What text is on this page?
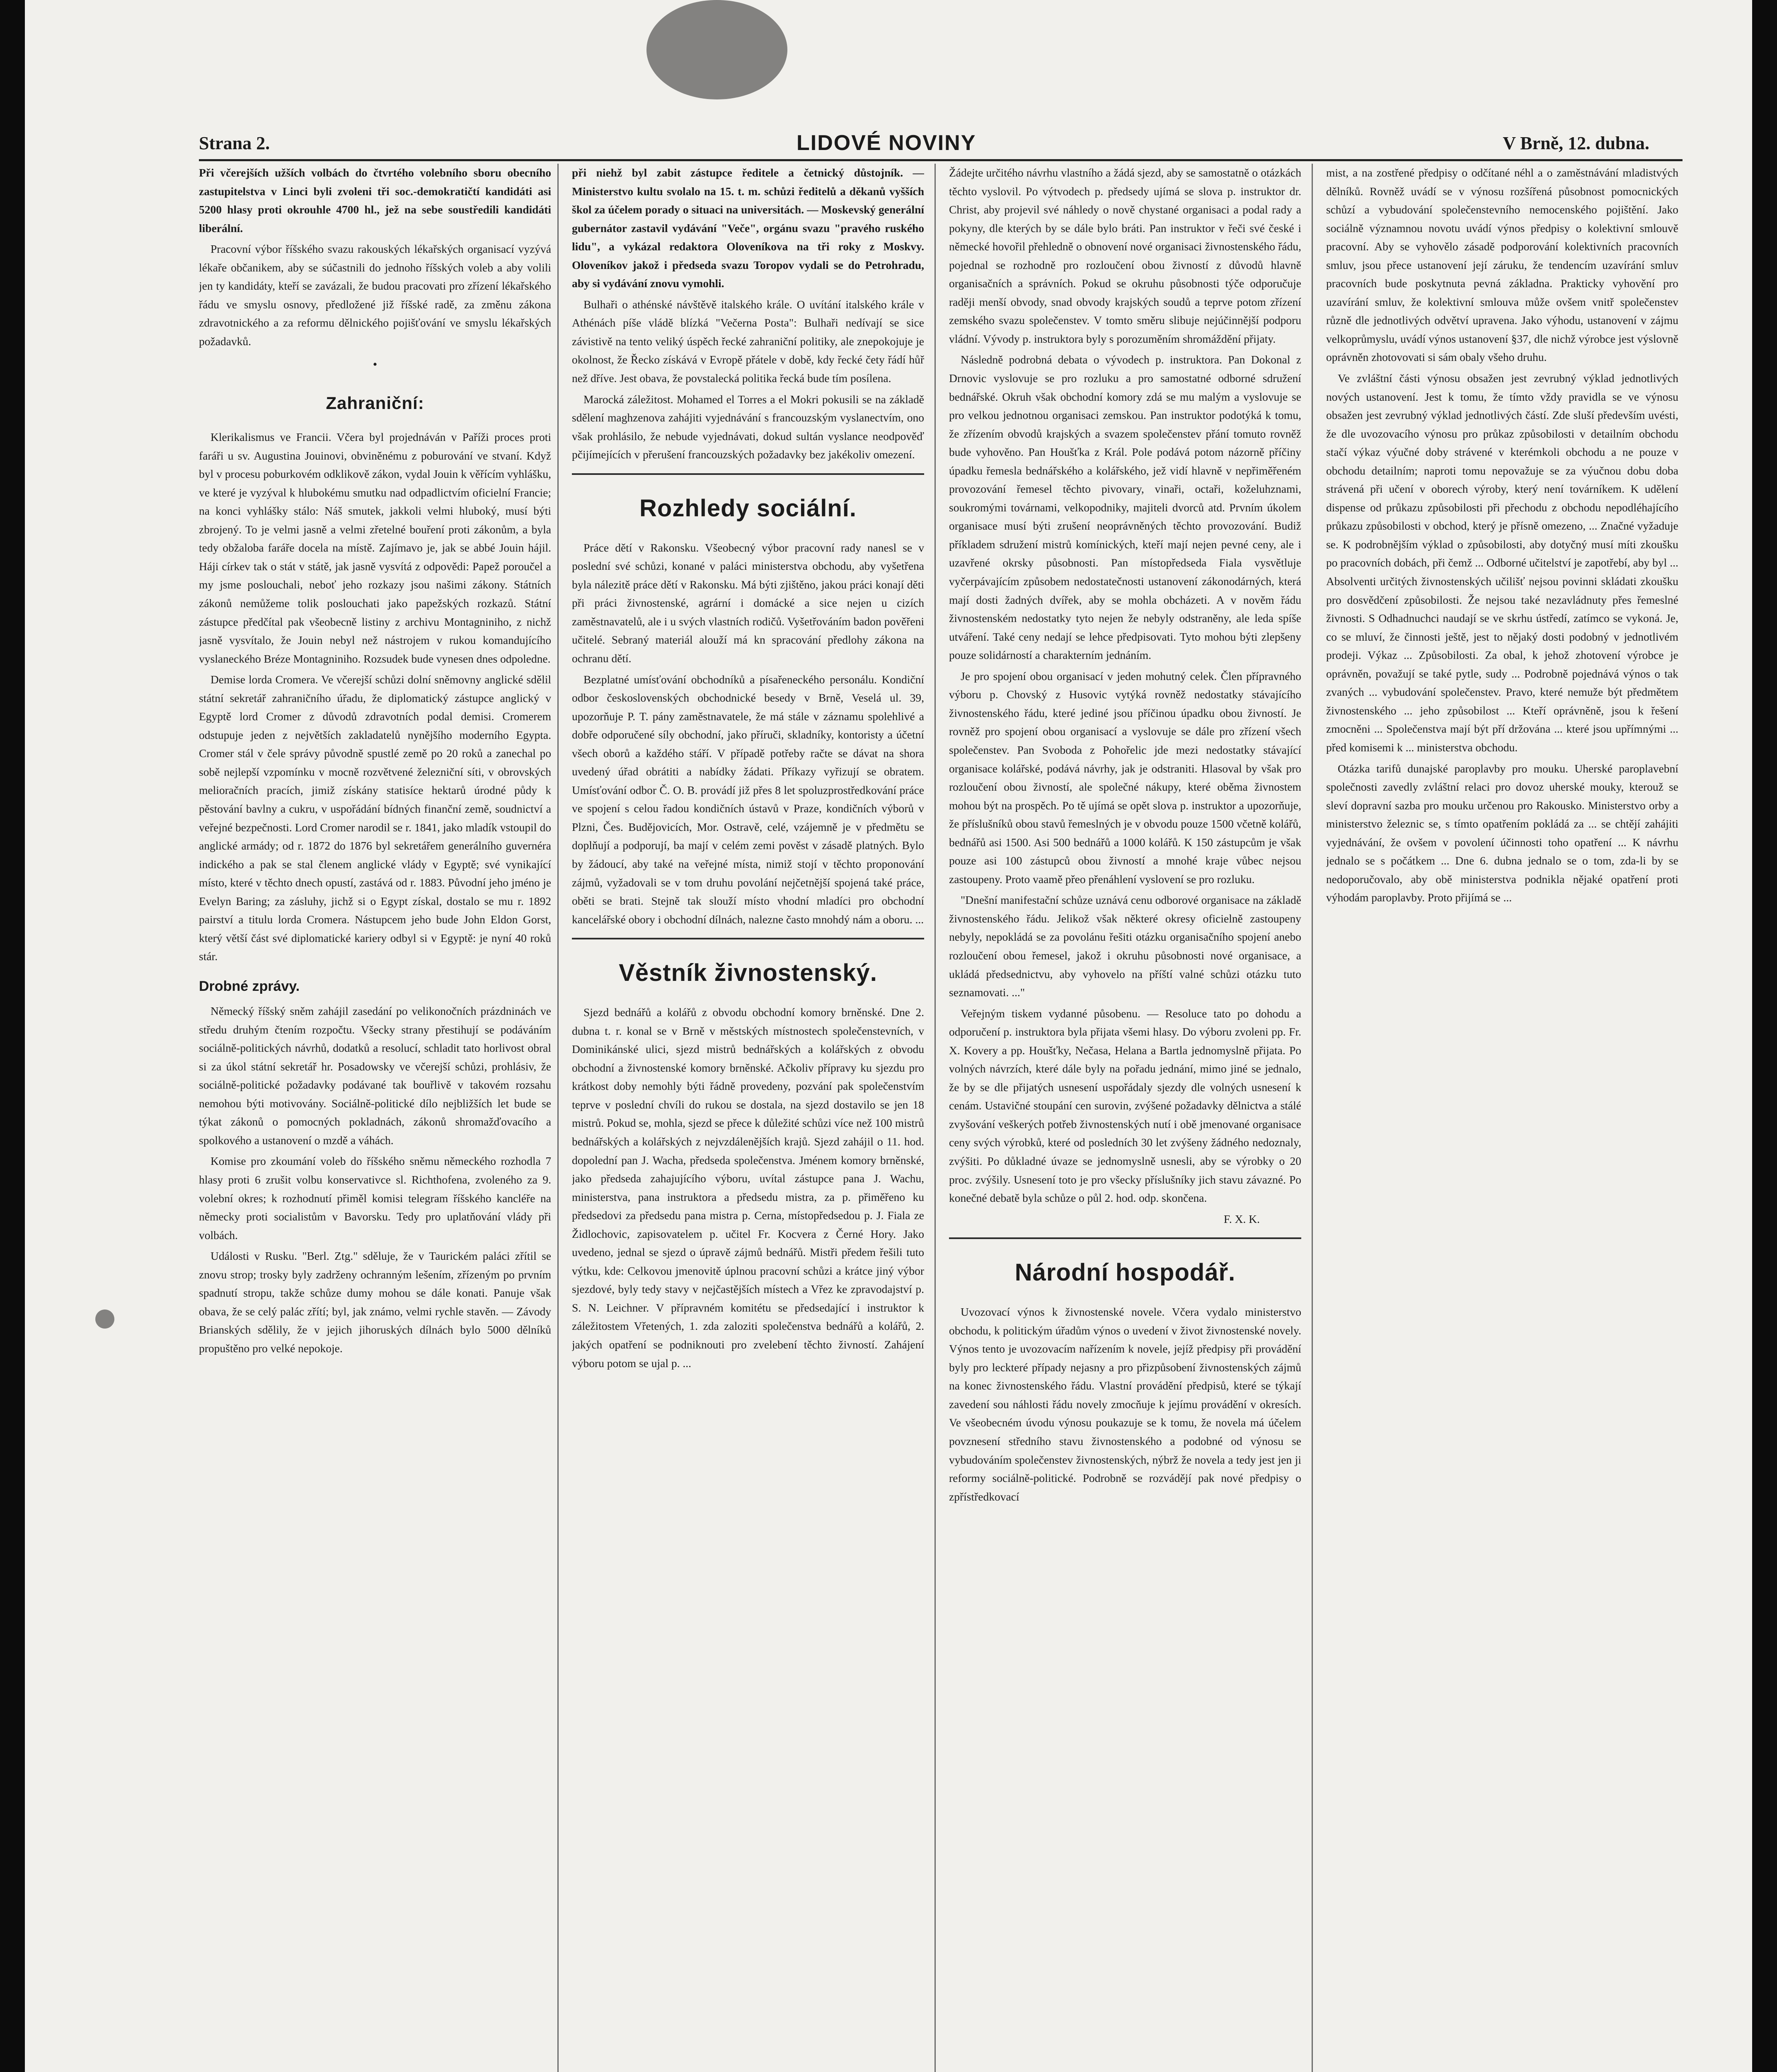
Strana 2.	LIDOVÉ NOVINY	V Brně, 12. dubna.

Při včerejších užších volbách do čtvrtého volebního sboru obecního zastupitelstva v Linci byli zvoleni tři soc.-demokratičtí kandidáti asi 5200 hlasy proti okrouhle 4700 hl., jež na sebe soustředili kandidáti liberální.

Pracovní výbor říšského svazu rakouských lékařských organisací vyzývá lékaře občanikem, aby se súčastnili do jednoho říšských voleb a aby volili jen ty kandidáty, kteří se zavázali, že budou pracovati pro zřízení lékařského řádu ve smyslu osnovy, předložené již říšské radě, za změnu zákona zdravotnického a za reformu dělnického pojišťování ve smyslu lékařských požadavků.

•
Zahraniční:

Klerikalismus ve Francii. Včera byl projednáván v Paříži proces proti faráři u sv. Augustina Jouinovi, obviněnému z poburování ve stvaní. Když byl v procesu poburkovém odklikově zákon, vydal Jouin k věřícím vyhlášku, ve které je vyzýval k hlubokému smutku nad odpadlictvím oficielní Francie; na konci vyhlášky stálo: Náš smutek, jakkoli velmi hluboký, musí býti zbrojený. To je velmi jasně a velmi zřetelné bouření proti zákonům, a byla tedy obžaloba faráře docela na místě. Zajímavo je, jak se abbé Jouin hájil. Háji církev tak o stát v státě, jak jasně vysvítá z odpovědi: Papež poroučel a my jsme poslouchali, neboť jeho rozkazy jsou našimi zákony. Státních zákonů nemůžeme tolik poslouchati jako papežských rozkazů. Státní zástupce předčítal pak všeobecně listiny z archivu Montagniniho, z nichž jasně vysvítalo, že Jouin nebyl než nástrojem v rukou komandujícího vyslaneckého Bréze Montagniniho. Rozsudek bude vynesen dnes odpoledne.

Demise lorda Cromera. Ve včerejší schůzi dolní sněmovny anglické sdělil státní sekretář zahraničního úřadu, že diplomatický zástupce anglický v Egyptě lord Cromer z důvodů zdravotních podal demisi. Cromerem odstupuje jeden z největších zakladatelů nynějšího moderního Egypta. Cromer stál v čele správy původně spustlé země po 20 roků a zanechal po sobě nejlepší vzpomínku v mocně rozvětvené železniční síti, v obrovských melioračních pracích, jimiž získány statisíce hektarů úrodné půdy k pěstování bavlny a cukru, v uspořádání bídných finanční země, soudnictví a veřejné bezpečnosti. Lord Cromer narodil se r. 1841, jako mladík vstoupil do anglické armády; od r. 1872 do 1876 byl sekretářem generálního guvernéra indického a pak se stal členem anglické vlády v Egyptě; své vynikající místo, které v těchto dnech opustí, zastává od r. 1883. Původní jeho jméno je Evelyn Baring; za zásluhy, jichž si o Egypt získal, dostalo se mu r. 1892 pairství a titulu lorda Cromera. Nástupcem jeho bude John Eldon Gorst, který větší část své diplomatické kariery odbyl si v Egyptě: je nyní 40 roků stár.

Drobné zprávy.

Německý říšský sněm zahájil zasedání po velikonočních prázdninách ve středu druhým čtením rozpočtu. Všecky strany přestihují se podáváním sociálně-politických návrhů, dodatků a resolucí, schladit tato horlivost obral si za úkol státní sekretář hr. Posadowsky ve včerejší schůzi, prohlásiv, že sociálně-politické požadavky podávané tak bouřlivě v takovém rozsahu nemohou býti motivovány. Sociálně-politické dílo nejbližších let bude se týkat zákonů o pomocných pokladnách, zákonů shromažďovacího a spolkového a ustanovení o mzdě a váhách.

Komise pro zkoumání voleb do říšského sněmu německého rozhodla 7 hlasy proti 6 zrušit volbu konservativce sl. Richthofena, zvoleného za 9. volební okres; k rozhodnutí přiměl komisi telegram říšského kancléře na německy proti socialistům v Bavorsku. Tedy pro uplatňování vlády při volbách.

Události v Rusku. "Berl. Ztg." sděluje, že v Taurickém paláci zřítil se znovu strop; trosky byly zadrženy ochranným lešením, zřízeným po prvním spadnutí stropu, takže schůze dumy mohou se dále konati. Panuje však obava, že se celý palác zřítí; byl, jak známo, velmi rychle stavěn. — Závody Brianských sdělily, že v jejich jihoruských dílnách bylo 5000 dělníků propuštěno pro velké nepokoje.

při niehž byl zabit zástupce ředitele a četnický důstojník. — Ministerstvo kultu svolalo na 15. t. m. schůzi ředitelů a děkanů vyšších škol za účelem porady o situaci na universitách. — Moskevský generální gubernátor zastavil vydávání "Veče", orgánu svazu "pravého ruského lidu", a vykázal redaktora Oloveníkova na tři roky z Moskvy. Oloveníkov jakož i předseda svazu Toropov vydali se do Petrohradu, aby si vydávání znovu vymohli.

Bulhaři o athénské návštěvě italského krále. O uvítání italského krále v Athénách píše vládě blízká "Večerna Posta": Bulhaři nedívají se sice závistivě na tento veliký úspěch řecké zahraniční politiky, ale znepokojuje je okolnost, že Řecko získává v Evropě přátele v době, kdy řecké čety řádí hůř než dříve. Jest obava, že povstalecká politika řecká bude tím posílena.

Marocká záležitost. Mohamed el Torres a el Mokri pokusili se na základě sdělení maghzenova zahájiti vyjednávání s francouzským vyslanectvím, ono však prohlásilo, že nebude vyjednávati, dokud sultán vyslance neodpověď pčijímejících v přerušení francouzských požadavky bez jakékoliv omezení.

Rozhledy sociální.

Práce dětí v Rakonsku. Všeobecný výbor pracovní rady nanesl se v poslední své schůzi, konané v paláci ministerstva obchodu, aby vyšetřena byla nálezitě práce dětí v Rakonsku. Má býti zjištěno, jakou práci konají děti při práci živnostenské, agrární i domácké a sice nejen u cizích zaměstnavatelů, ale i u svých vlastních rodičů. Vyšetřováním badon pověřeni učitelé. Sebraný materiál alouží má kn spracování předlohy zákona na ochranu dětí.

Bezplatné umísťování obchodníků a písařeneckého personálu. Kondiční odbor československých obchodnické besedy v Brně, Veselá ul. 39, upozorňuje P. T. pány zaměstnavatele, že má stále v záznamu spolehlivé a dobře odporučené síly obchodní, jako příruči, skladníky, kontoristy a účetní všech oborů a každého stáří. V případě potřeby račte se dávat na shora uvedený úřad obrátiti a nabídky žádati. Příkazy vyřizují se obratem. Umísťování odbor Č. O. B. provádí již přes 8 let spoluzprostředkování práce ve spojení s celou řadou kondičních ústavů v Praze, kondičních výborů v Plzni, Čes. Budějovicích, Mor. Ostravě, celé, vzájemně je v předmětu se doplňují a podporují, ba mají v celém zemi pověst v zásadě platných. Bylo by žádoucí, aby také na veřejné místa, nimiž stojí v těchto proponování zájmů, vyžadovali se v tom druhu povolání nejčetnější spojená také práce, oběti se brati. Stejně tak slouží místo vhodní mladíci pro obchodní kancelářské obory i obchodní dílnách, nalezne často mnohdý nám a oboru. ...

Věstník živnostenský.

Sjezd bednářů a kolářů z obvodu obchodní komory brněnské. Dne 2. dubna t. r. konal se v Brně v městských místnostech společenstevních, v Dominikánské ulici, sjezd mistrů bednářských a kolářských z obvodu obchodní a živnostenské komory brněnské. Ačkoliv přípravy ku sjezdu pro krátkost doby nemohly býti řádně provedeny, pozvání pak společenstvím teprve v poslední chvíli do rukou se dostala, na sjezd dostavilo se jen 18 mistrů. Pokud se, mohla, sjezd se přece k důležité schůzi více než 100 mistrů bednářských a kolářských z nejvzdálenějších krajů. Sjezd zahájil o 11. hod. dopolední pan J. Wacha, předseda společenstva. Jménem komory brněnské, jako předseda zahajujícího výboru, uvítal zástupce pana J. Wachu, ministerstva, pana instruktora a předsedu mistra, za p. přiměřeno ku předsedovi za předsedu pana mistra p. Cerna, místopředsedou p. J. Fiala ze Židlochovic, zapisovatelem p. učitel Fr. Kocvera z Černé Hory. Jako uvedeno, jednal se sjezd o úpravě zájmů bednářů. Mistři předem řešili tuto výtku, kde: Celkovou jmenovitě úplnou pracovní schůzi a krátce jiný výbor sjezdové, byly tedy stavy v nejčastějších místech a Vřez ke zpravodajství p. S. N. Leichner. V přípravném komitétu se předsedající i instruktor k záležitostem Vřetených, 1. zda zaloziti společenstva bednářů a kolářů, 2. jakých opatření se podniknouti pro zvelebení těchto živností. Zahájení výboru potom se ujal p. ...

Žádejte určitého návrhu vlastního a žádá sjezd, aby se samostatně o otázkách těchto vyslovil. Po výtvodech p. předsedy ujímá se slova p. instruktor dr. Christ, aby projevil své náhledy o nově chystané organisaci a podal rady a pokyny, dle kterých by se dále bylo bráti. Pan instruktor v řeči své české i německé hovořil přehledně o obnovení nové organisaci živnostenského řádu, pojednal se rozhodně pro rozloučení obou živností z důvodů hlavně organisačních a správních. Pokud se okruhu působnosti týče odporučuje raději menší obvody, snad obvody krajských soudů a teprve potom zřízení zemského svazu společenstev. V tomto směru slibuje nejúčinnější podporu vládní. Vývody p. instruktora byly s porozuměním shromáždění přijaty.

Následně podrobná debata o vývodech p. instruktora. Pan Dokonal z Drnovic vyslovuje se pro rozluku a pro samostatné odborné sdružení bednářské. Okruh však obchodní komory zdá se mu malým a vyslovuje se pro velkou jednotnou organisaci zemskou. Pan instruktor podotýká k tomu, že zřízením obvodů krajských a svazem společenstev přání tomuto rovněž bude vyhověno. Pan Houšťka z Král. Pole podává potom názorně příčiny úpadku řemesla bednářského a kolářského, jež vidí hlavně v nepřiměřeném provozování řemesel těchto pivovary, vinaři, octaři, koželuhznami, soukromými továrnami, velkopodniky, majiteli dvorců atd. Prvním úkolem organisace musí býti zrušení neoprávněných těchto provozování. Budiž příkladem sdružení mistrů komínických, kteří mají nejen pevné ceny, ale i uzavřené okrsky působnosti. Pan místopředseda Fiala vysvětluje vyčerpávajícím způsobem nedostatečnosti ustanovení zákonodárných, která mají dosti žadných dvířek, aby se mohla obcházeti. A v nověm řádu živnostenském nedostatky tyto nejen že nebyly odstraněny, ale leda spíše utváření. Také ceny nedají se lehce předpisovati. Tyto mohou býti zlepšeny pouze solidárností a charakterním jednáním.

Je pro spojení obou organisací v jeden mohutný celek. Člen přípravného výboru p. Chovský z Husovic vytýká rovněž nedostatky stávajícího živnostenského řádu, které jediné jsou příčinou úpadku obou živností. Je rovněž pro spojení obou organisací a vyslovuje se dále pro zřízení všech společenstev. Pan Svoboda z Pohořelic jde mezi nedostatky stávající organisace kolářské, podává návrhy, jak je odstraniti. Hlasoval by však pro rozloučení obou živností, ale společné nákupy, které oběma živnostem mohou být na prospěch. Po tě ujímá se opět slova p. instruktor a upozorňuje, že příslušníků obou stavů řemeslných je v obvodu pouze 1500 včetně kolářů, bednářů asi 1500. Asi 500 bednářů a 1000 kolářů. K 150 zástupcům je však pouze asi 100 zástupců obou živností a mnohé kraje vůbec nejsou zastoupeny. Proto vaamě přeo přenáhlení vyslovení se pro rozluku.

"Dnešní manifestační schůze uznává cenu odborové organisace na základě živnostenského řádu. Jelikož však některé okresy oficielně zastoupeny nebyly, nepokládá se za povolánu řešiti otázku organisačního spojení anebo rozloučení obou řemesel, jakož i okruhu působnosti nové organisace, a ukládá předsednictvu, aby vyhovelo na příští valné schůzi otázku tuto seznamovati. ..."

Veřejným tiskem vydanné působenu. — Resoluce tato po dohodu a odporučení p. instruktora byla přijata všemi hlasy. Do výboru zvoleni pp. Fr. X. Kovery a pp. Houšťky, Nečasa, Helana a Bartla jednomyslně přijata. Po volných návrzích, které dále byly na pořadu jednání, mimo jiné se jednalo, že by se dle přijatých usnesení uspořádaly sjezdy dle volných usnesení k cenám. Ustavičné stoupání cen surovin, zvýšené požadavky dělnictva a stálé zvyšování veškerých potřeb živnostenských nutí i obě jmenované organisace ceny svých výrobků, které od posledních 30 let zvýšeny žádného nedoznaly, zvýšiti. Po důkladné úvaze se jednomyslně usnesli, aby se výrobky o 20 proc. zvýšily. Usnesení toto je pro všecky příslušníky jich stavu závazné. Po konečné debatě byla schůze o půl 2. hod. odp. skončena.

F. X. K.

Národní hospodář.

Uvozovací výnos k živnostenské novele. Včera vydalo ministerstvo obchodu, k politickým úřadům výnos o uvedení v život živnostenské novely. Výnos tento je uvozovacím nařízením k novele, jejíž předpisy při provádění byly pro leckteré případy nejasny a pro přizpůsobení živnostenských zájmů na konec živnostenského řádu. Vlastní provádění předpisů, které se týkají zavedení sou náhlosti řádu novely zmocňuje k jejímu provádění v okresích. Ve všeobecném úvodu výnosu poukazuje se k tomu, že novela má účelem povznesení středního stavu živnostenského a podobné od výnosu se vybudováním společenstev živnostenských, nýbrž že novela a tedy jest jen ji reformy sociálně-politické. Podrobně se rozvádějí pak nové předpisy o zpřístředkovací

mist, a na zostřené předpisy o odčítané néhl a o zaměstnávání mladistvých dělníků. Rovněž uvádí se v výnosu rozšířená působnost pomocnických schůzí a vybudování společenstevního nemocenského pojištění. Jako sociálně významnou novotu uvádí výnos předpisy o kolektivní smlouvě pracovní. Aby se vyhovělo zásadě podporování kolektivních pracovních smluv, jsou přece ustanovení její záruku, že tendencím uzavírání smluv pracovních bude poskytnuta pevná základna. Prakticky vyhovění pro uzavírání smluv, že kolektivní smlouva může ovšem vnitř společenstev různě dle jednotlivých odvětví upravena. Jako výhodu, ustanovení v zájmu velkoprůmyslu, uvádí výnos ustanovení §37, dle nichž výrobce jest výslovně oprávněn zhotovovati si sám obaly všeho druhu.

Ve zvláštní části výnosu obsažen jest zevrubný výklad jednotlivých nových ustanovení. Jest k tomu, že tímto vždy pravidla se ve výnosu obsažen jest zevrubný výklad jednotlivých částí. Zde sluší především uvésti, že dle uvozovacího výnosu pro průkaz způsobilosti v detailním obchodu stačí výkaz výučné doby strávené v kterémkoli obchodu a ne pouze v obchodu detailním; naproti tomu nepovažuje se za výučnou dobu doba strávená při učení v oborech výroby, který není továrníkem. K udělení dispense od průkazu způsobilosti při přechodu z obchodu nepodléhajícího průkazu způsobilosti v obchod, který je přísně omezeno, ... Značné vyžaduje se. K podrobnějším výklad o způsobilosti, aby dotyčný musí míti zkoušku po pracovních dobách, při čemž ... Odborné učitelství je zapotřebí, aby byl ... Absolventi určitých živnostenských učilišť nejsou povinni skládati zkoušku pro dosvědčení způsobilosti. Že nejsou také nezavládnuty přes řemeslné živnosti. S Odhadnuchci naudají se ve skrhu ústředí, zatímco se vykoná. Je, co se mluví, že činnosti ještě, jest to nějaký dosti podobný v jednotlivém prodeji. Výkaz ... Způsobilosti. Za obal, k jehož zhotovení výrobce je oprávněn, považují se také pytle, sudy ... Podrobně pojednává výnos o tak zvaných ... vybudování společenstev. Pravo, které nemuže být předmětem živnostenského ... jeho způsobilost ... Kteří oprávněně, jsou k řešení zmocněni ... Společenstva mají být pří držována ... které jsou upřímnými ... před komisemi k ... ministerstva obchodu.

Otázka tarifů dunajské paroplavby pro mouku. Uherské paroplavební společnosti zavedly zvláštní relaci pro dovoz uherské mouky, kterouž se sleví dopravní sazba pro mouku určenou pro Rakousko. Ministerstvo orby a ministerstvo železnic se, s tímto opatřením pokládá za ... se chtějí zahájiti vyjednávání, že ovšem v povolení účinnosti toho opatření ... K návrhu jednalo se s počátkem ... Dne 6. dubna jednalo se o tom, zda-li by se nedoporučovalo, aby obě ministerstva podnikla nějaké opatření proti výhodám paroplavby. Proto přijímá se ...
